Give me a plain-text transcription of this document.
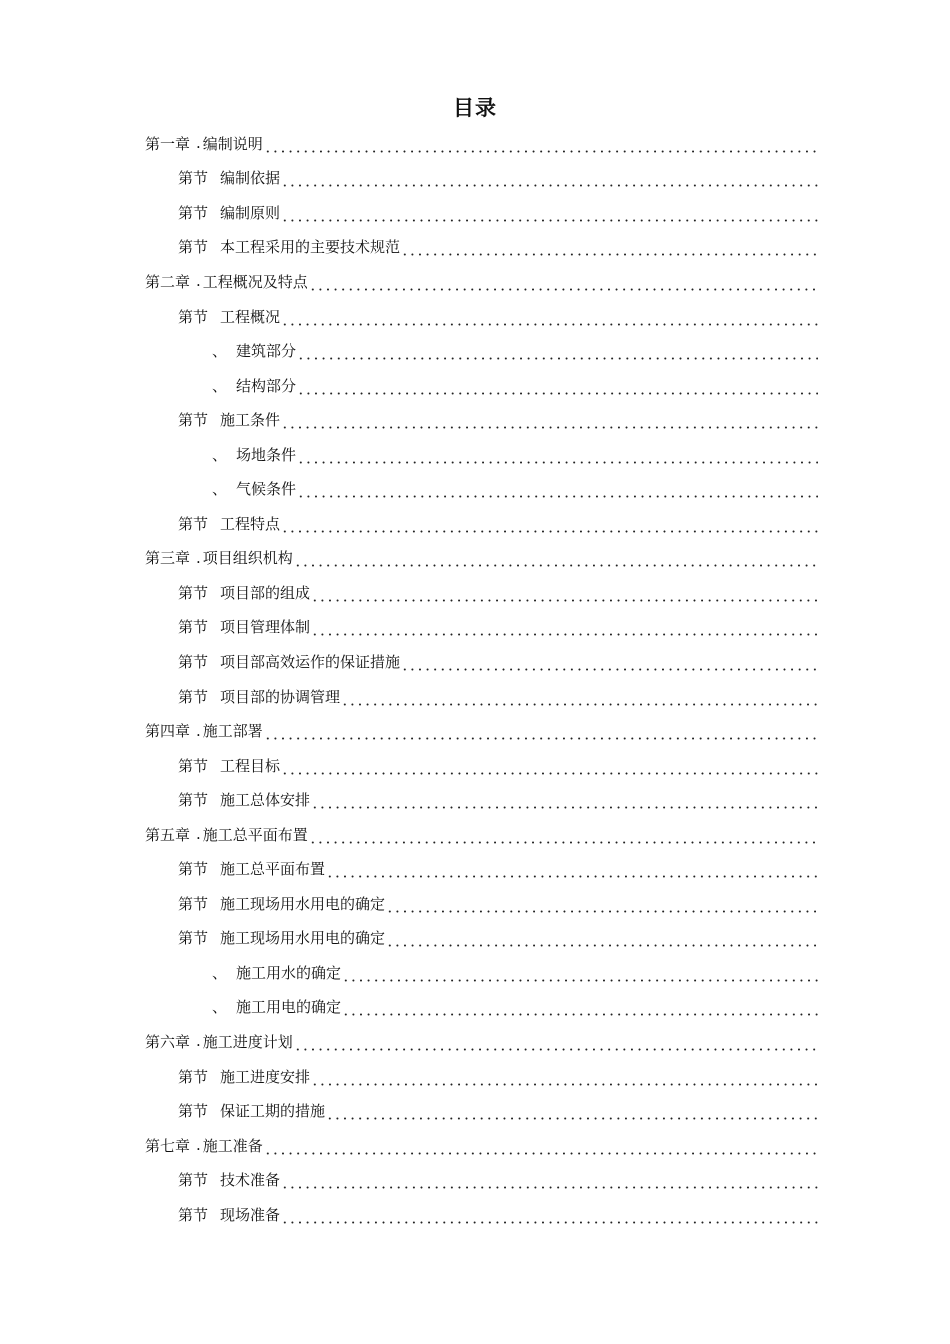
目录
第一章 . 编制说明
第节 编制依据
第节 编制原则
第节 本工程采用的主要技术规范
第二章 . 工程概况及特点
第节 工程概况
、 建筑部分
、 结构部分
第节 施工条件
、 场地条件
、 气候条件
第节 工程特点
第三章 . 项目组织机构
第节 项目部的组成
第节 项目管理体制
第节 项目部高效运作的保证措施
第节 项目部的协调管理
第四章 . 施工部署
第节 工程目标
第节 施工总体安排
第五章 . 施工总平面布置
第节 施工总平面布置
第节 施工现场用水用电的确定
第节 施工现场用水用电的确定
、 施工用水的确定
、 施工用电的确定
第六章 . 施工进度计划
第节 施工进度安排
第节 保证工期的措施
第七章 . 施工准备
第节 技术准备
第节 现场准备
